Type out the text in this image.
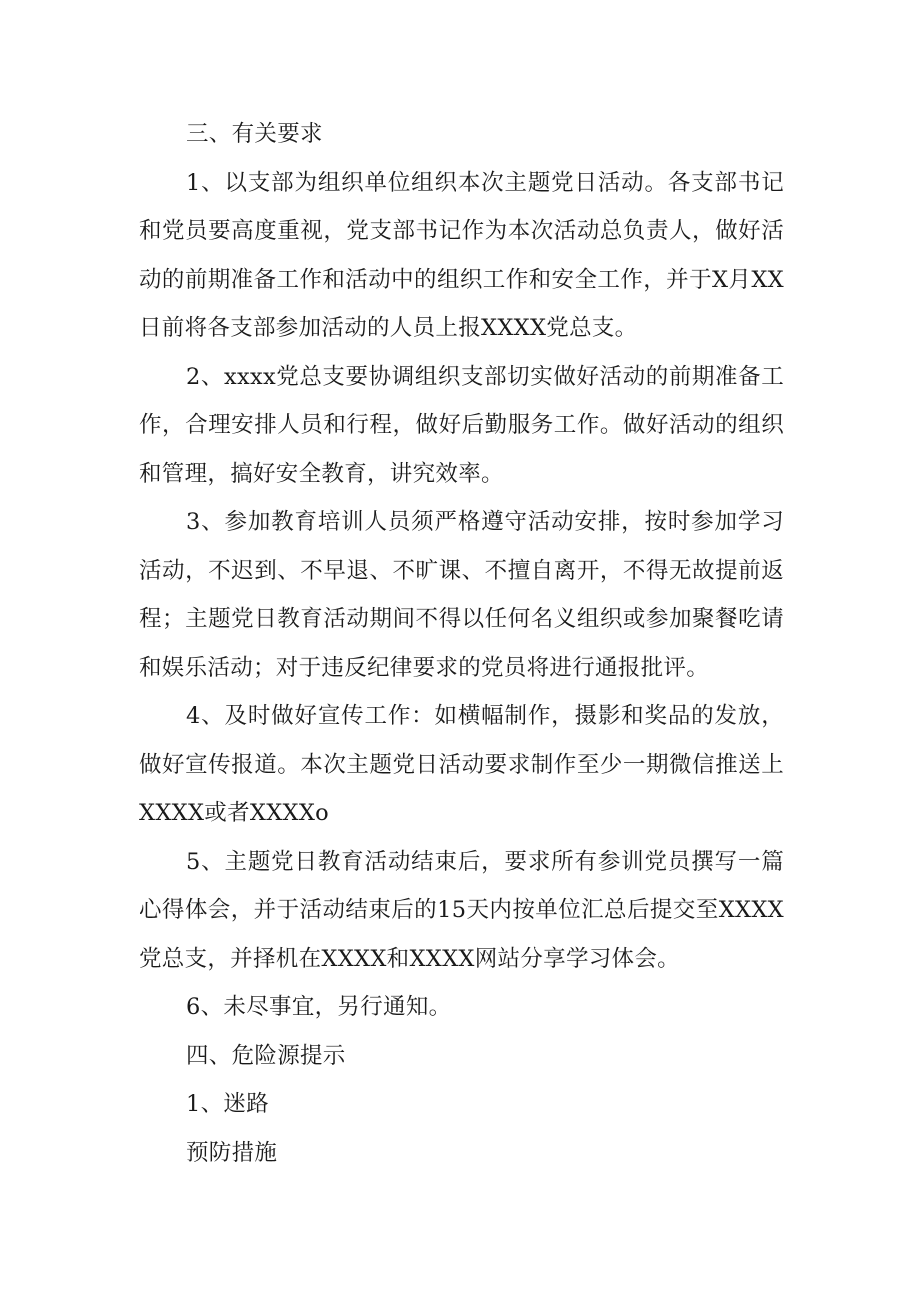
三、有关要求

1、以支部为组织单位组织本次主题党日活动。各支部书记和党员要高度重视，党支部书记作为本次活动总负责人，做好活动的前期准备工作和活动中的组织工作和安全工作，并于X月XX日前将各支部参加活动的人员上报XXXX党总支。

2、xxxx党总支要协调组织支部切实做好活动的前期准备工作，合理安排人员和行程，做好后勤服务工作。做好活动的组织和管理，搞好安全教育，讲究效率。

3、参加教育培训人员须严格遵守活动安排，按时参加学习活动，不迟到、不早退、不旷课、不擅自离开，不得无故提前返程；主题党日教育活动期间不得以任何名义组织或参加聚餐吃请和娱乐活动；对于违反纪律要求的党员将进行通报批评。

4、及时做好宣传工作：如横幅制作，摄影和奖品的发放，做好宣传报道。本次主题党日活动要求制作至少一期微信推送上XXXX或者XXXXo

5、主题党日教育活动结束后，要求所有参训党员撰写一篇心得体会，并于活动结束后的15天内按单位汇总后提交至XXXX党总支，并择机在XXXX和XXXX网站分享学习体会。

6、未尽事宜，另行通知。

四、危险源提示

1、迷路

预防措施
